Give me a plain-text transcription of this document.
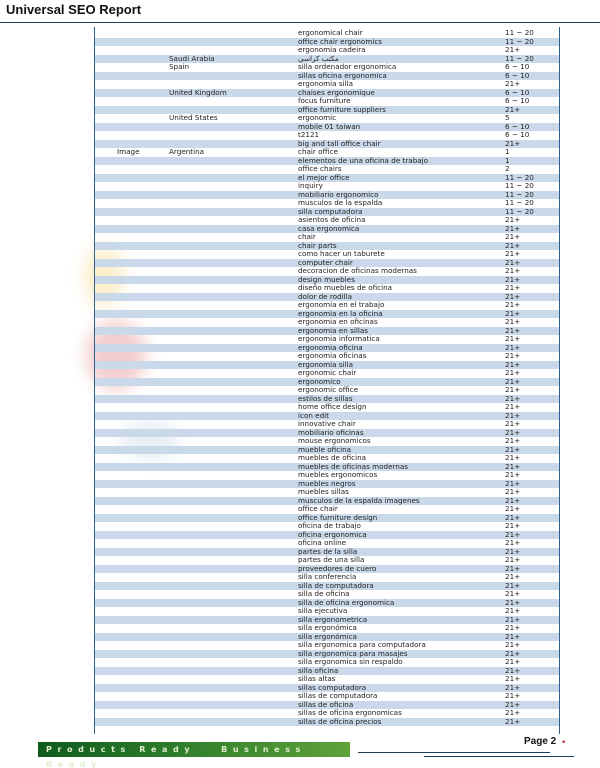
Universal SEO Report
ergonomical chair	11 ~ 20
office chair ergonomics	11 ~ 20
ergonomia cadeira	21+
Saudi Arabia	مكتب كراسي	11 ~ 20
Spain	silla ordenador ergonomica	6 ~ 10
sillas oficina ergonomica	6 ~ 10
ergonomia silla	21+
United Kingdom	chaises ergonomique	6 ~ 10
focus furniture	6 ~ 10
office furniture suppliers	21+
United States	ergonomic	5
mobile 01 taiwan	6 ~ 10
t2121	6 ~ 10
big and tall office chair	21+
Image	Argentina	chair office	1
elementos de una oficina de trabajo	1
office chairs	2
el mejor office	11 ~ 20
inquiry	11 ~ 20
mobiliario ergonomico	11 ~ 20
musculos de la espalda	11 ~ 20
silla computadora	11 ~ 20
asientos de oficina	21+
casa ergonomica	21+
chair	21+
chair parts	21+
como hacer un taburete	21+
computer chair	21+
decoracion de oficinas modernas	21+
design muebles	21+
diseño muebles de oficina	21+
dolor de rodilla	21+
ergonomia en el trabajo	21+
ergonomia en la oficina	21+
ergonomia en oficinas	21+
ergonomia en sillas	21+
ergonomia informatica	21+
ergonomia oficina	21+
ergonomia oficinas	21+
ergonomia silla	21+
ergonomic chair	21+
ergonomico	21+
ergonomic office	21+
estilos de sillas	21+
home office design	21+
icon edit	21+
innovative chair	21+
mobiliario oficinas	21+
mouse ergonomicos	21+
mueble oficina	21+
muebles de oficina	21+
muebles de oficinas modernas	21+
muebles ergonomicos	21+
muebles negros	21+
muebles sillas	21+
musculos de la espalda imagenes	21+
office chair	21+
office furniture design	21+
oficina de trabajo	21+
oficina ergonomica	21+
oficina online	21+
partes de la silla	21+
partes de una silla	21+
proveedores de cuero	21+
silla conferencia	21+
silla de computadora	21+
silla de oficina	21+
silla de oficina ergonomica	21+
silla ejecutiva	21+
silla ergonometrica	21+
silla ergonómica	21+
silla ergonómica	21+
silla ergonomica para computadora	21+
silla ergonomica para masajes	21+
silla ergonomica sin respaldo	21+
silla oficina	21+
sillas altas	21+
sillas computadora	21+
sillas de computadora	21+
sillas de oficina	21+
sillas de oficina ergonomicas	21+
sillas de oficina precios	21+
Products Ready	Business Ready
Page 2 •
